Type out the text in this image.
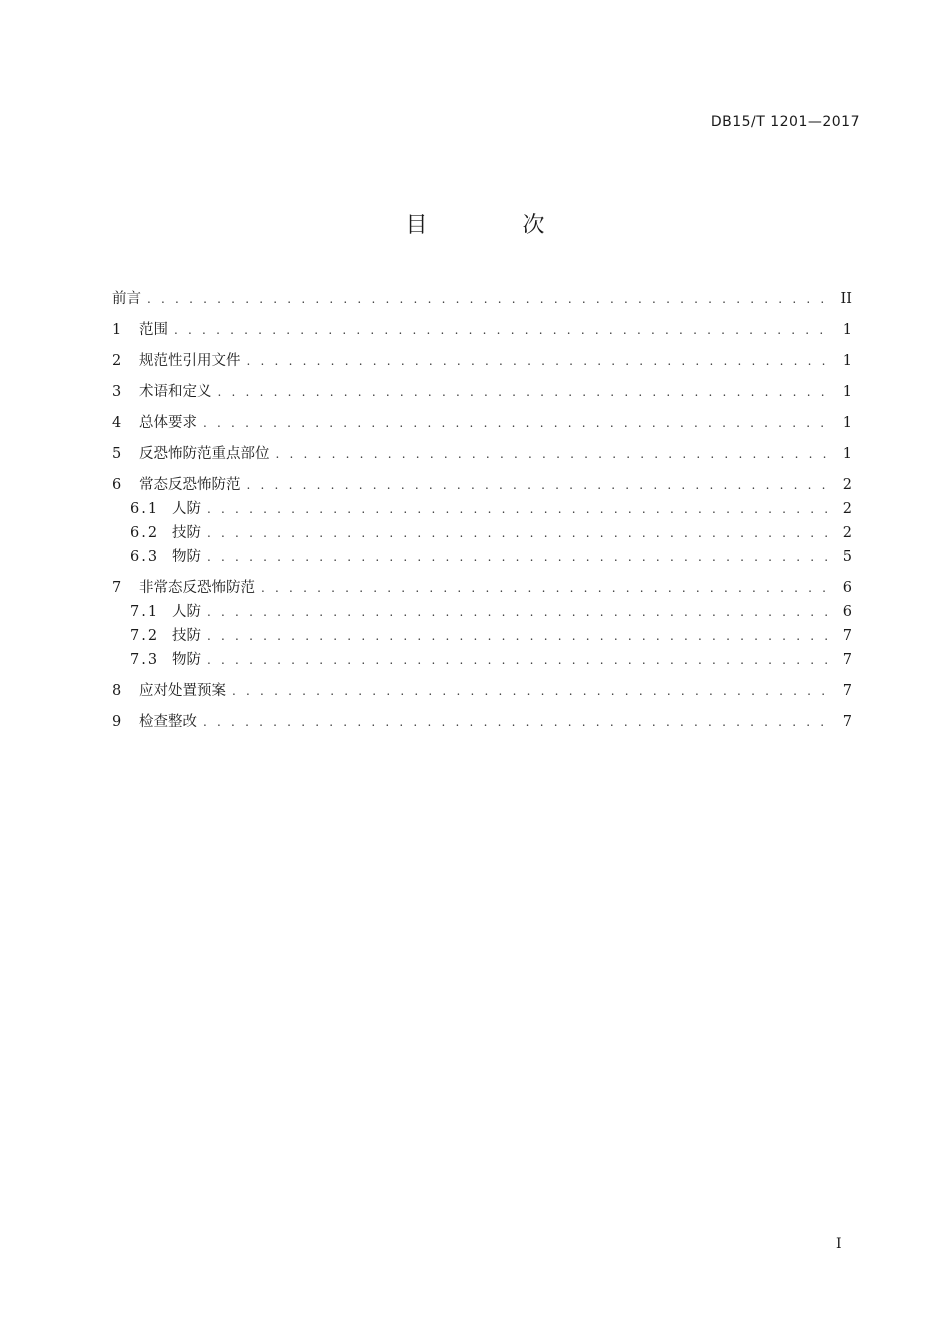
DB15/T 1201—2017
目 次
前言 . . .	II
1	范围 . . .	1
2	规范性引用文件 . . .	1
3	术语和定义 . . .	1
4	总体要求 . . .	1
5	反恐怖防范重点部位 . . .	1
6	常态反恐怖防范 . . .	2
6.1 人防 . . .	2
6.2 技防 . . .	2
6.3 物防 . . .	5
7	非常态反恐怖防范 . . .	6
7.1 人防 . . .	6
7.2 技防 . . .	7
7.3 物防 . . .	7
8	应对处置预案 . . .	7
9	检查整改 . . .	7
I
